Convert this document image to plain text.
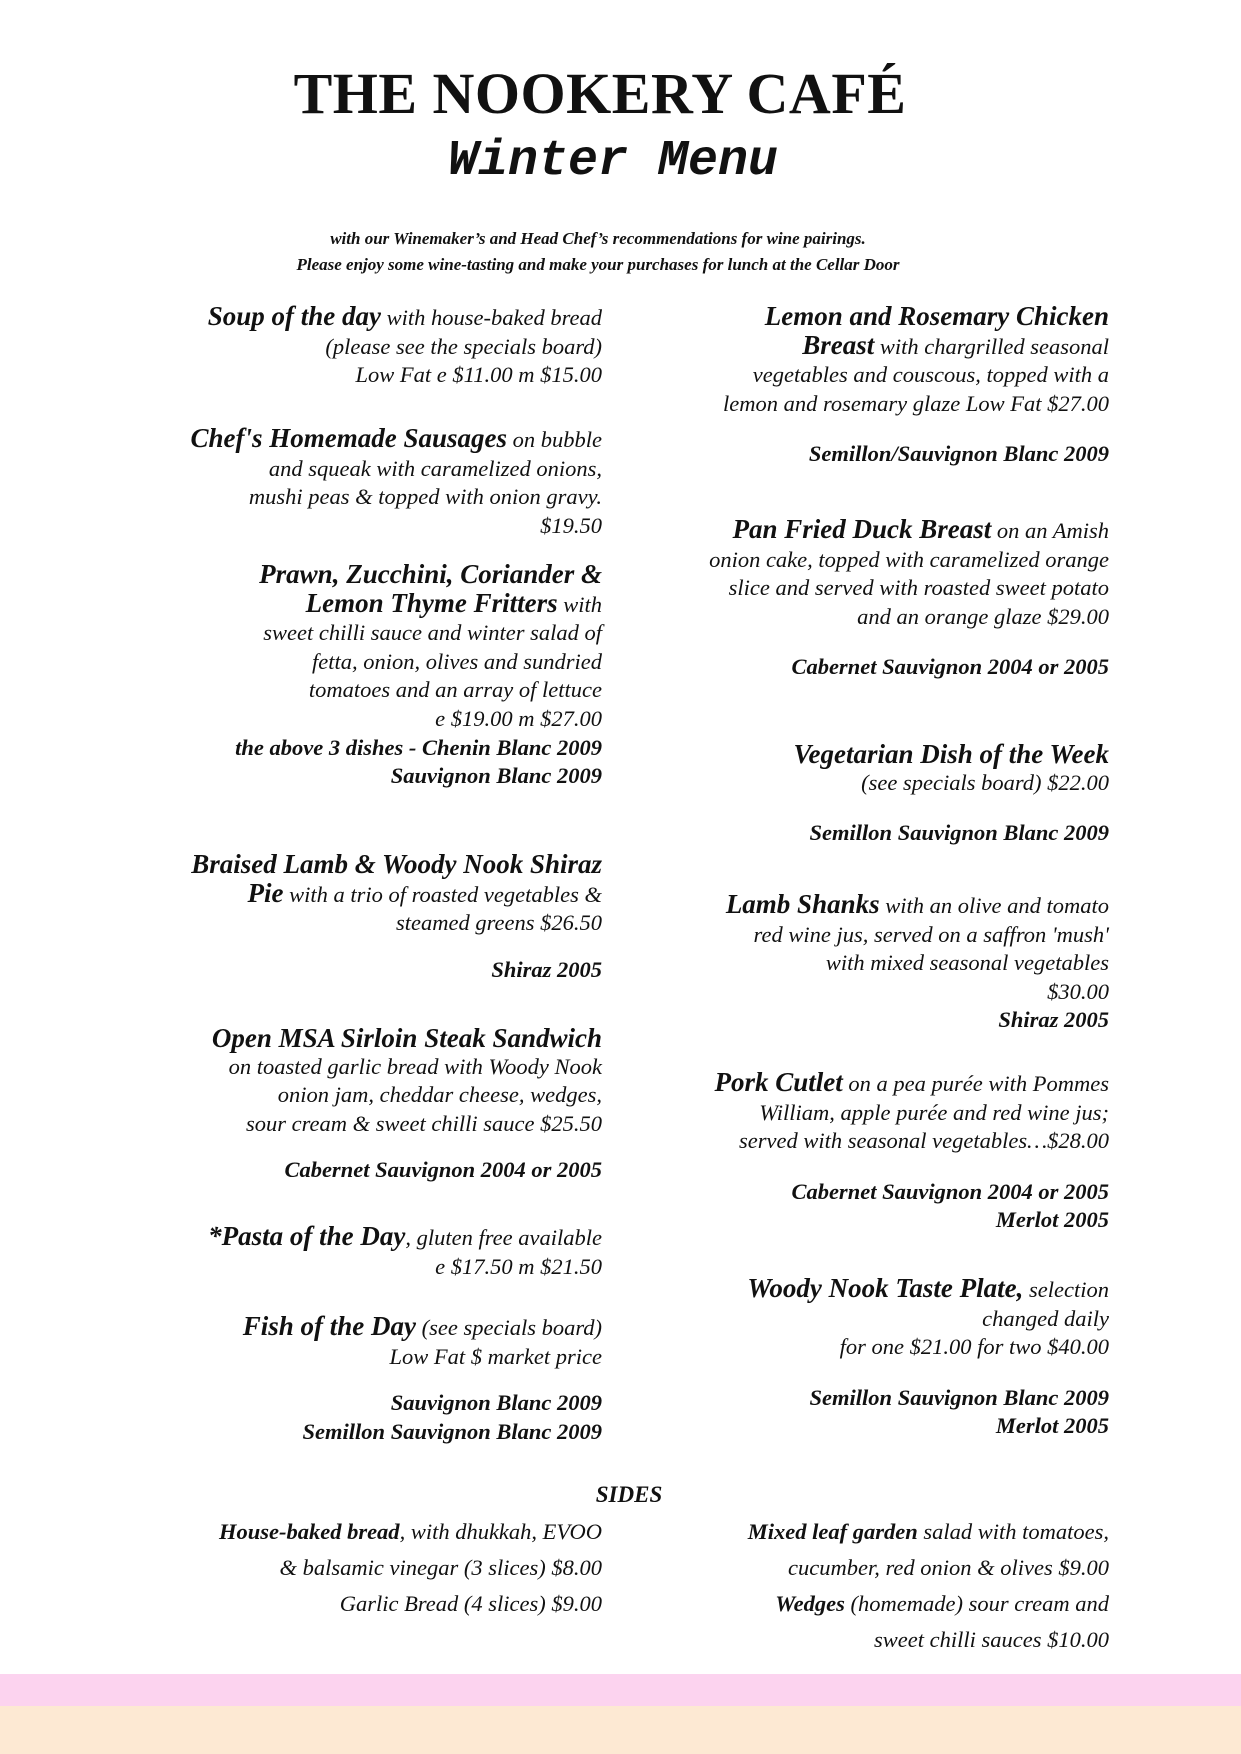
THE NOOKERY CAFÉ
Winter Menu
with our Winemaker’s and Head Chef’s recommendations for wine pairings.
Please enjoy some wine-tasting and make your purchases for lunch at the Cellar Door
Soup of the day with house-baked bread
(please see the specials board)
Low Fat e $11.00 m $15.00
Chef's Homemade Sausages on bubble
and squeak with caramelized onions,
mushi peas & topped with onion gravy.
$19.50
Prawn, Zucchini, Coriander &
Lemon Thyme Fritters with
sweet chilli sauce and winter salad of
fetta, onion, olives and sundried
tomatoes and an array of lettuce
e $19.00 m $27.00
the above 3 dishes - Chenin Blanc 2009
Sauvignon Blanc 2009
Braised Lamb & Woody Nook Shiraz
Pie with a trio of roasted vegetables &
steamed greens $26.50
Shiraz 2005
Open MSA Sirloin Steak Sandwich
on toasted garlic bread with Woody Nook
onion jam, cheddar cheese, wedges,
sour cream & sweet chilli sauce $25.50
Cabernet Sauvignon 2004 or 2005
*Pasta of the Day, gluten free available
e $17.50 m $21.50
Fish of the Day (see specials board)
Low Fat $ market price
Sauvignon Blanc 2009
Semillon Sauvignon Blanc 2009
Lemon and Rosemary Chicken
Breast with chargrilled seasonal
vegetables and couscous, topped with a
lemon and rosemary glaze Low Fat $27.00
Semillon/Sauvignon Blanc 2009
Pan Fried Duck Breast on an Amish
onion cake, topped with caramelized orange
slice and served with roasted sweet potato
and an orange glaze $29.00
Cabernet Sauvignon 2004 or 2005
Vegetarian Dish of the Week
(see specials board) $22.00
Semillon Sauvignon Blanc 2009
Lamb Shanks with an olive and tomato
red wine jus, served on a saffron 'mush'
with mixed seasonal vegetables
$30.00
Shiraz 2005
Pork Cutlet on a pea purée with Pommes
William, apple purée and red wine jus;
served with seasonal vegetables…$28.00
Cabernet Sauvignon 2004 or 2005
Merlot 2005
Woody Nook Taste Plate, selection
changed daily
for one $21.00 for two $40.00
Semillon Sauvignon Blanc 2009
Merlot 2005
SIDES
House-baked bread, with dhukkah, EVOO
& balsamic vinegar (3 slices) $8.00
Garlic Bread (4 slices) $9.00
Mixed leaf garden salad with tomatoes,
cucumber, red onion & olives $9.00
Wedges (homemade) sour cream and
sweet chilli sauces $10.00
